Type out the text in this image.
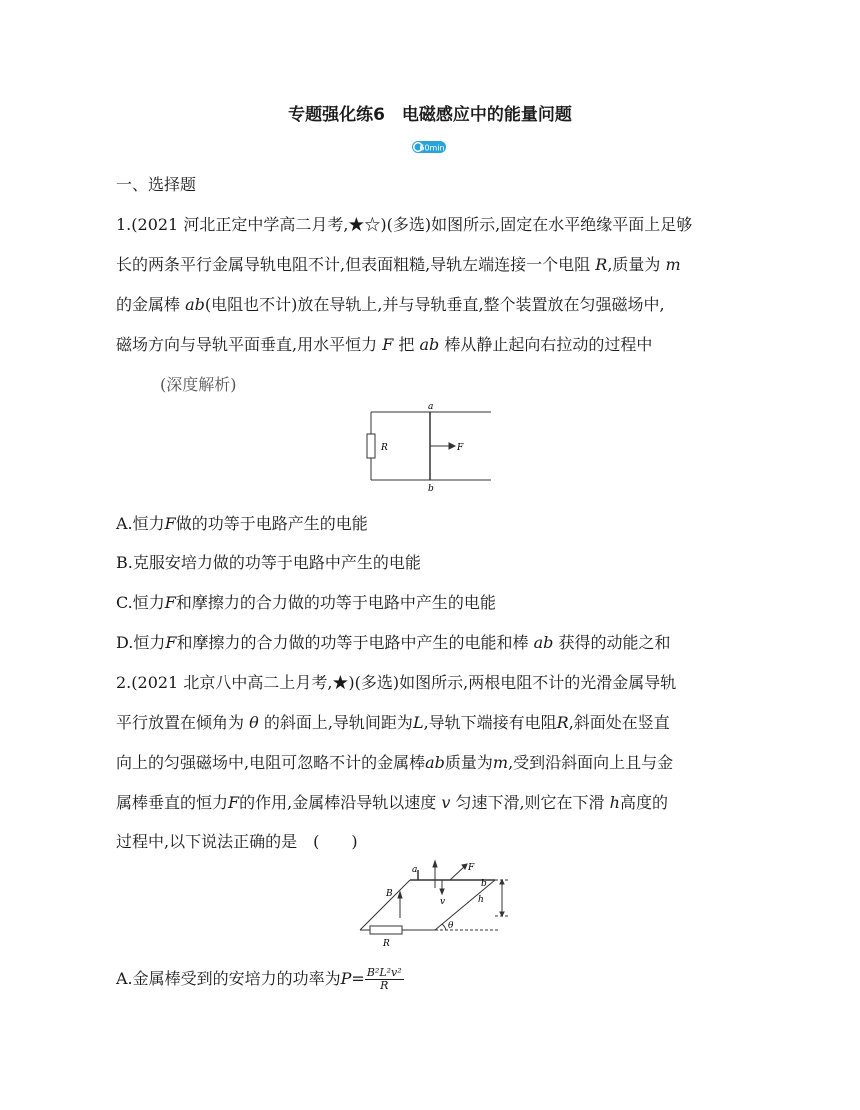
专题强化练6　电磁感应中的能量问题
60min
一、选择题
1.(2021 河北正定中学高二月考,★☆)(多选)如图所示,固定在水平绝缘平面上足够
长的两条平行金属导轨电阻不计,但表面粗糙,导轨左端连接一个电阻 R,质量为 m
的金属棒 ab(电阻也不计)放在导轨上,并与导轨垂直,整个装置放在匀强磁场中,
磁场方向与导轨平面垂直,用水平恒力 F 把 ab 棒从静止起向右拉动的过程中
(深度解析)
a
b
R	F
A.恒力F做的功等于电路产生的电能
B.克服安培力做的功等于电路中产生的电能
C.恒力F和摩擦力的合力做的功等于电路中产生的电能
D.恒力F和摩擦力的合力做的功等于电路中产生的电能和棒 ab 获得的动能之和
2.(2021 北京八中高二上月考,★)(多选)如图所示,两根电阻不计的光滑金属导轨
平行放置在倾角为 θ 的斜面上,导轨间距为L,导轨下端接有电阻R,斜面处在竖直
向上的匀强磁场中,电阻可忽略不计的金属棒ab质量为m,受到沿斜面向上且与金
属棒垂直的恒力F的作用,金属棒沿导轨以速度 v 匀速下滑,则它在下滑 h高度的
过程中,以下说法正确的是　(　　)
a
b
B
F
v	h
R
θ
A.金属棒受到的安培力的功率为$P= \frac{\text{B²L²v²}}{R}$
